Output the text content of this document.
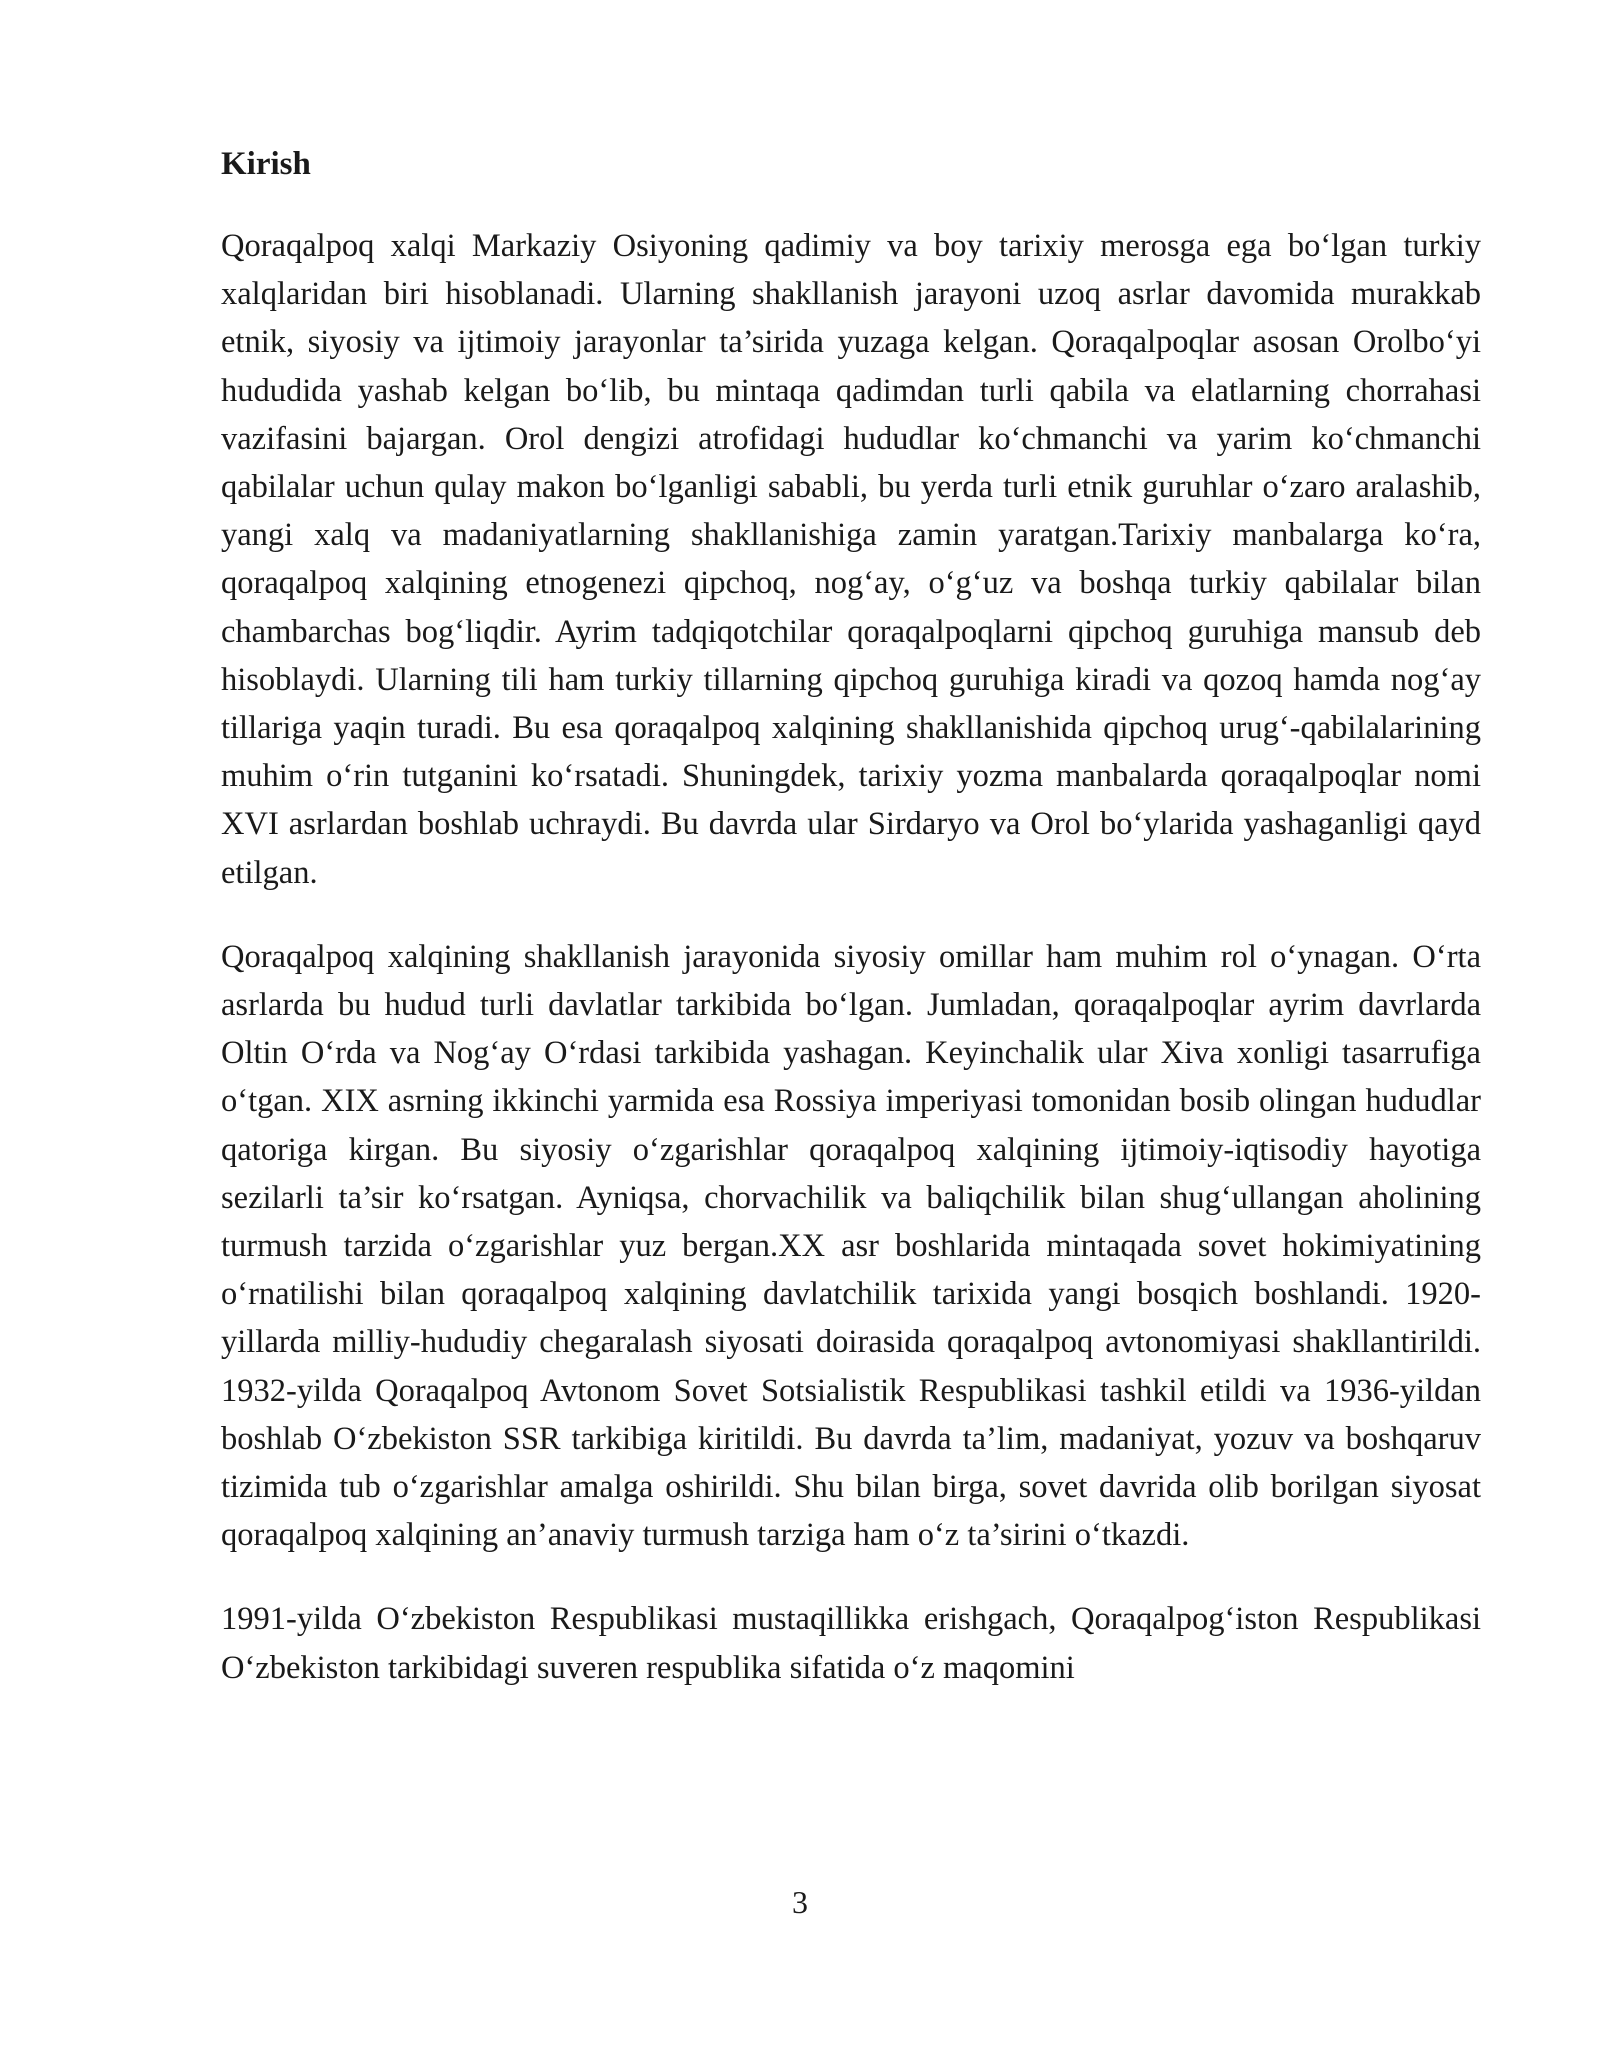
Kirish

Qoraqalpoq xalqi Markaziy Osiyoning qadimiy va boy tarixiy merosga ega bo‘lgan turkiy xalqlaridan biri hisoblanadi. Ularning shakllanish jarayoni uzoq asrlar davomida murakkab etnik, siyosiy va ijtimoiy jarayonlar ta’sirida yuzaga kelgan. Qoraqalpoqlar asosan Orolbo‘yi hududida yashab kelgan bo‘lib, bu mintaqa qadimdan turli qabila va elatlarning chorrahasi vazifasini bajargan. Orol dengizi atrofidagi hududlar ko‘chmanchi va yarim ko‘chmanchi qabilalar uchun qulay makon bo‘lganligi sababli, bu yerda turli etnik guruhlar o‘zaro aralashib, yangi xalq va madaniyatlarning shakllanishiga zamin yaratgan.Tarixiy manbalarga ko‘ra, qoraqalpoq xalqining etnogenezi qipchoq, nog‘ay, o‘g‘uz va boshqa turkiy qabilalar bilan chambarchas bog‘liqdir. Ayrim tadqiqotchilar qoraqalpoqlarni qipchoq guruhiga mansub deb hisoblaydi. Ularning tili ham turkiy tillarning qipchoq guruhiga kiradi va qozoq hamda nog‘ay tillariga yaqin turadi. Bu esa qoraqalpoq xalqining shakllanishida qipchoq urug‘-qabilalarining muhim o‘rin tutganini ko‘rsatadi. Shuningdek, tarixiy yozma manbalarda qoraqalpoqlar nomi XVI asrlardan boshlab uchraydi. Bu davrda ular Sirdaryo va Orol bo‘ylarida yashaganligi qayd etilgan.

Qoraqalpoq xalqining shakllanish jarayonida siyosiy omillar ham muhim rol o‘ynagan. O‘rta asrlarda bu hudud turli davlatlar tarkibida bo‘lgan. Jumladan, qoraqalpoqlar ayrim davrlarda Oltin O‘rda va Nog‘ay O‘rdasi tarkibida yashagan. Keyinchalik ular Xiva xonligi tasarrufiga o‘tgan. XIX asrning ikkinchi yarmida esa Rossiya imperiyasi tomonidan bosib olingan hududlar qatoriga kirgan. Bu siyosiy o‘zgarishlar qoraqalpoq xalqining ijtimoiy-iqtisodiy hayotiga sezilarli ta’sir ko‘rsatgan. Ayniqsa, chorvachilik va baliqchilik bilan shug‘ullangan aholining turmush tarzida o‘zgarishlar yuz bergan.XX asr boshlarida mintaqada sovet hokimiyatining o‘rnatilishi bilan qoraqalpoq xalqining davlatchilik tarixida yangi bosqich boshlandi. 1920-yillarda milliy-hududiy chegaralash siyosati doirasida qoraqalpoq avtonomiyasi shakllantirildi. 1932-yilda Qoraqalpoq Avtonom Sovet Sotsialistik Respublikasi tashkil etildi va 1936-yildan boshlab O‘zbekiston SSR tarkibiga kiritildi. Bu davrda ta’lim, madaniyat, yozuv va boshqaruv tizimida tub o‘zgarishlar amalga oshirildi. Shu bilan birga, sovet davrida olib borilgan siyosat qoraqalpoq xalqining an’anaviy turmush tarziga ham o‘z ta’sirini o‘tkazdi.

1991-yilda O‘zbekiston Respublikasi mustaqillikka erishgach, Qoraqalpog‘iston Respublikasi O‘zbekiston tarkibidagi suveren respublika sifatida o‘z maqomini

3
